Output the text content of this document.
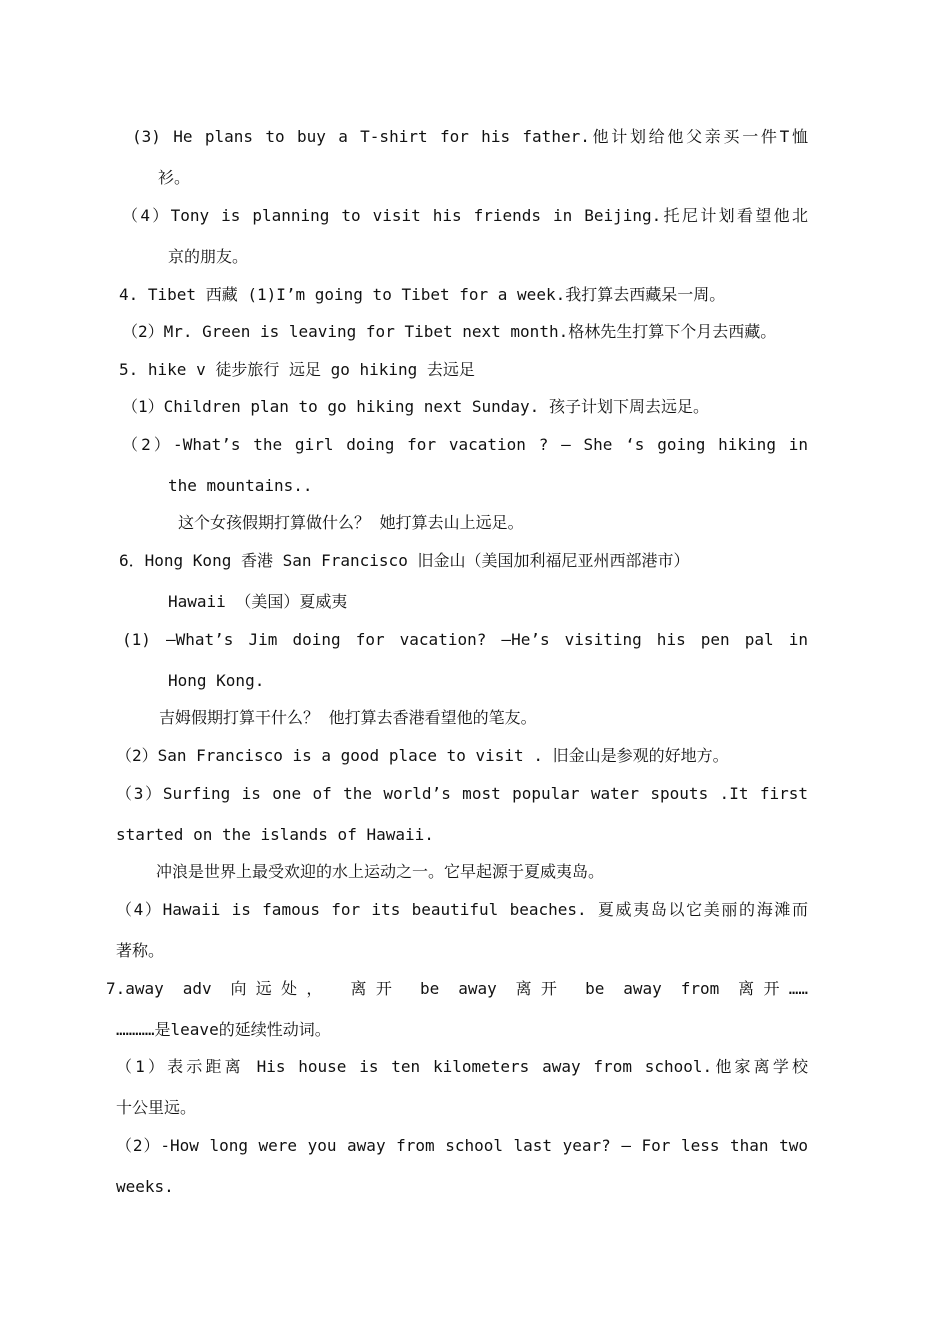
(3) He plans to buy a T-shirt for his father.他计划给他父亲买一件T恤
衫。
（4）Tony is planning to visit his friends in Beijing.托尼计划看望他北
京的朋友。
4. Tibet 西藏 (1)I’m going to Tibet for a week.我打算去西藏呆一周。
（2）Mr. Green is leaving for Tibet next month.格林先生打算下个月去西藏。
5. hike v 徒步旅行 远足 go hiking 去远足
（1）Children plan to go hiking next Sunday. 孩子计划下周去远足。
（2）-What’s the girl doing for vacation ? – She ‘s going hiking in
the mountains..
这个女孩假期打算做什么？ 她打算去山上远足。
6．Hong Kong 香港 San Francisco 旧金山（美国加利福尼亚州西部港市）
Hawaii （美国）夏威夷
(1) –What’s Jim doing for vacation? –He’s visiting his pen pal in
Hong Kong.
吉姆假期打算干什么？ 他打算去香港看望他的笔友。
（2）San Francisco is a good place to visit . 旧金山是参观的好地方。
（3）Surfing is one of the world’s most popular water spouts .It first
started on the islands of Hawaii.
冲浪是世界上最受欢迎的水上运动之一。它早起源于夏威夷岛。
（4）Hawaii is famous for its beautiful beaches. 夏威夷岛以它美丽的海滩而
著称。
7.away adv 向远处， 离开 be away 离开 be away from 离开……
…………是leave的延续性动词。
（1）表示距离 His house is ten kilometers away from school.他家离学校
十公里远。
（2）-How long were you away from school last year? – For less than two
weeks.
